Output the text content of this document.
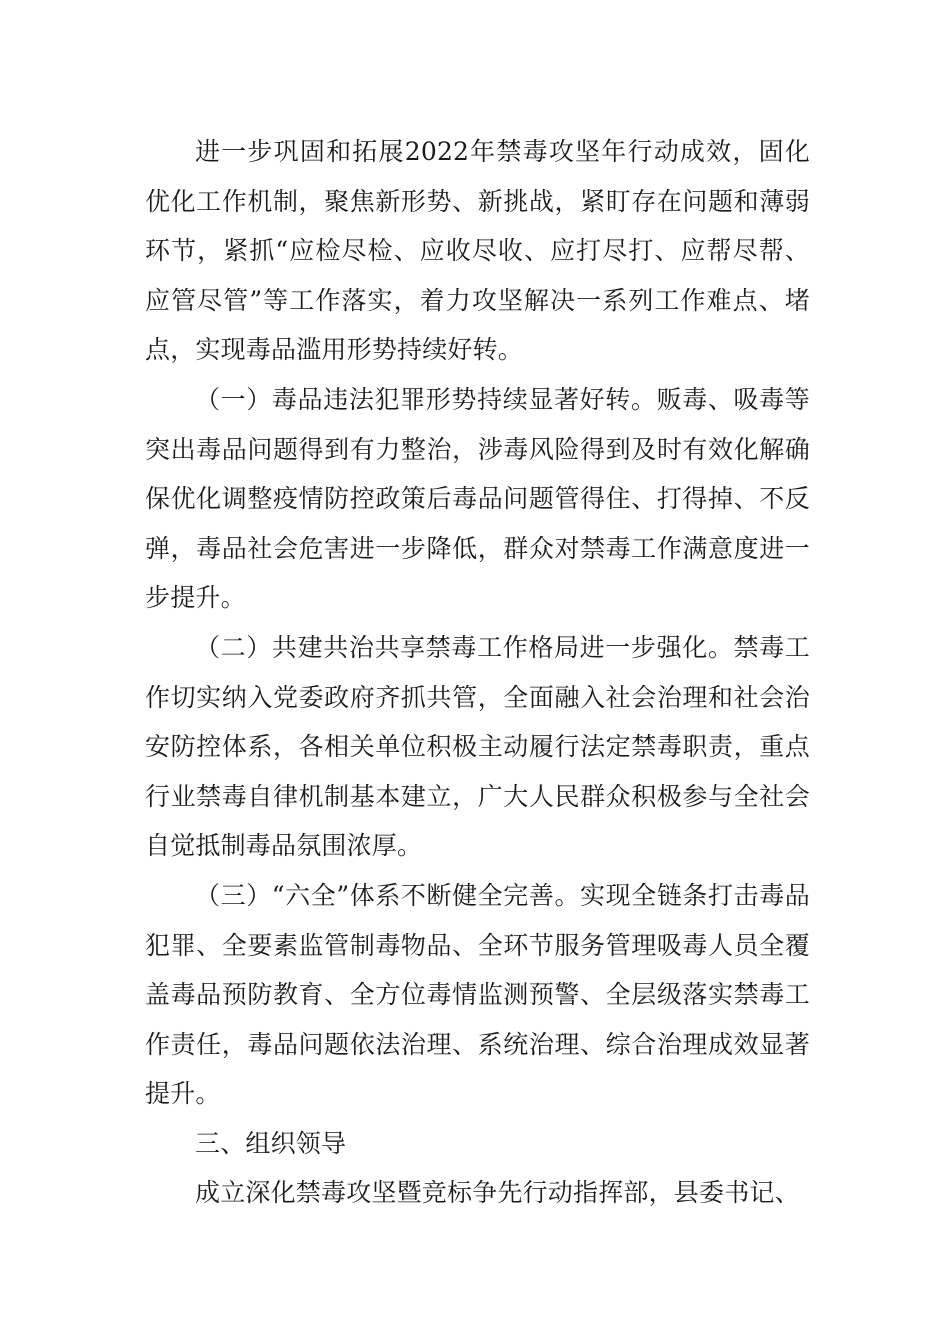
进一步巩固和拓展2022年禁毒攻坚年行动成效，固化优化工作机制，聚焦新形势、新挑战，紧盯存在问题和薄弱环节，紧抓“应检尽检、应收尽收、应打尽打、应帮尽帮、应管尽管”等工作落实，着力攻坚解决一系列工作难点、堵点，实现毒品滥用形势持续好转。

（一）毒品违法犯罪形势持续显著好转。贩毒、吸毒等突出毒品问题得到有力整治，涉毒风险得到及时有效化解确保优化调整疫情防控政策后毒品问题管得住、打得掉、不反弹，毒品社会危害进一步降低，群众对禁毒工作满意度进一步提升。

（二）共建共治共享禁毒工作格局进一步强化。禁毒工作切实纳入党委政府齐抓共管，全面融入社会治理和社会治安防控体系，各相关单位积极主动履行法定禁毒职责，重点行业禁毒自律机制基本建立，广大人民群众积极参与全社会自觉抵制毒品氛围浓厚。

（三）“六全”体系不断健全完善。实现全链条打击毒品犯罪、全要素监管制毒物品、全环节服务管理吸毒人员全覆盖毒品预防教育、全方位毒情监测预警、全层级落实禁毒工作责任，毒品问题依法治理、系统治理、综合治理成效显著提升。

三、组织领导

成立深化禁毒攻坚暨竞标争先行动指挥部，县委书记、
